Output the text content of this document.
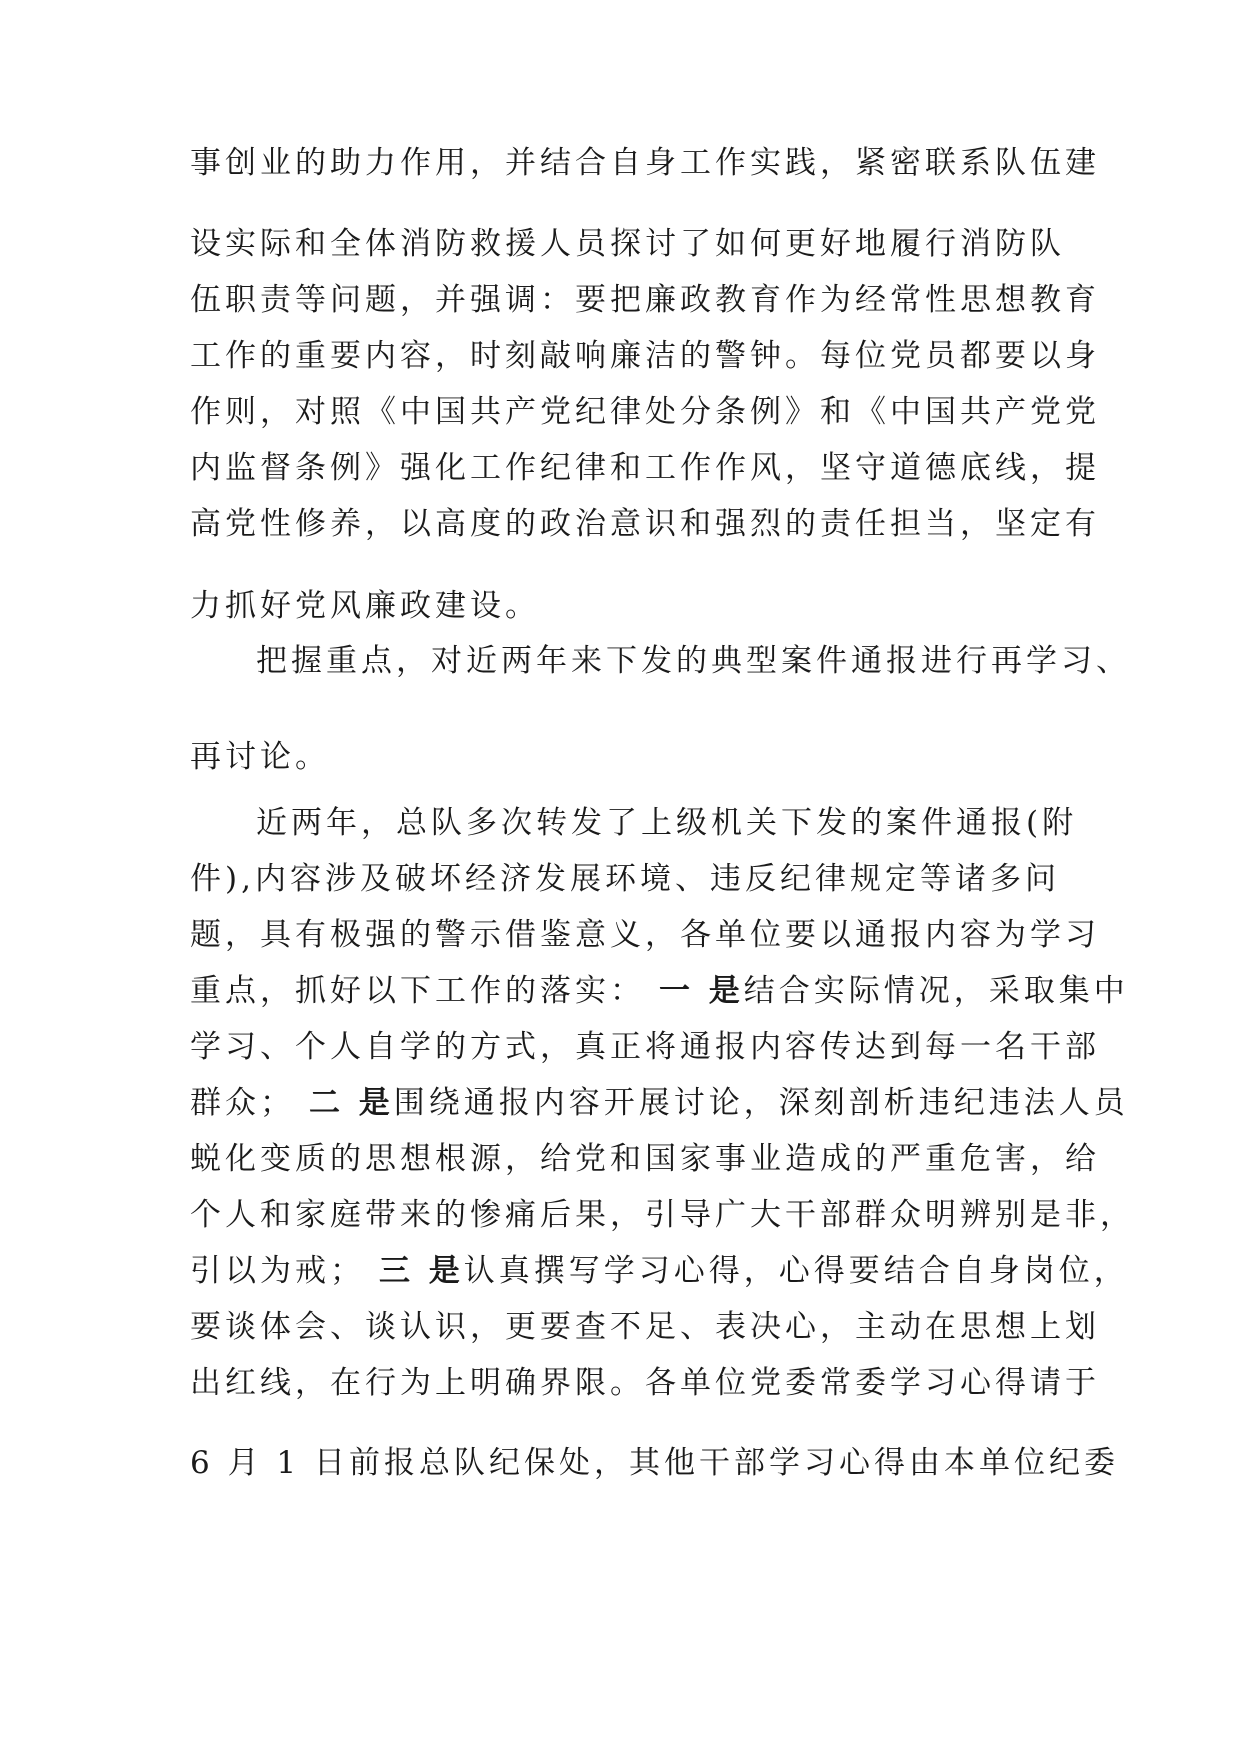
事创业的助力作用，并结合自身工作实践，紧密联系队伍建

设实际和全体消防救援人员探讨了如何更好地履行消防队

伍职责等问题，并强调：要把廉政教育作为经常性思想教育

工作的重要内容，时刻敲响廉洁的警钟。每位党员都要以身

作则，对照《中国共产党纪律处分条例》和《中国共产党党

内监督条例》强化工作纪律和工作作风，坚守道德底线，提

高党性修养，以高度的政治意识和强烈的责任担当，坚定有

力抓好党风廉政建设。

把握重点，对近两年来下发的典型案件通报进行再学习、

再讨论。

近两年，总队多次转发了上级机关下发的案件通报(附

件),内容涉及破坏经济发展环境、违反纪律规定等诸多问

题，具有极强的警示借鉴意义，各单位要以通报内容为学习

重点，抓好以下工作的落实： 一 是结合实际情况，采取集中

学习、个人自学的方式，真正将通报内容传达到每一名干部

群众； 二 是围绕通报内容开展讨论，深刻剖析违纪违法人员

蜕化变质的思想根源，给党和国家事业造成的严重危害，给

个人和家庭带来的惨痛后果，引导广大干部群众明辨别是非，

引以为戒； 三 是认真撰写学习心得，心得要结合自身岗位，

要谈体会、谈认识，更要查不足、表决心，主动在思想上划

出红线，在行为上明确界限。各单位党委常委学习心得请于

6 月 1 日前报总队纪保处，其他干部学习心得由本单位纪委
